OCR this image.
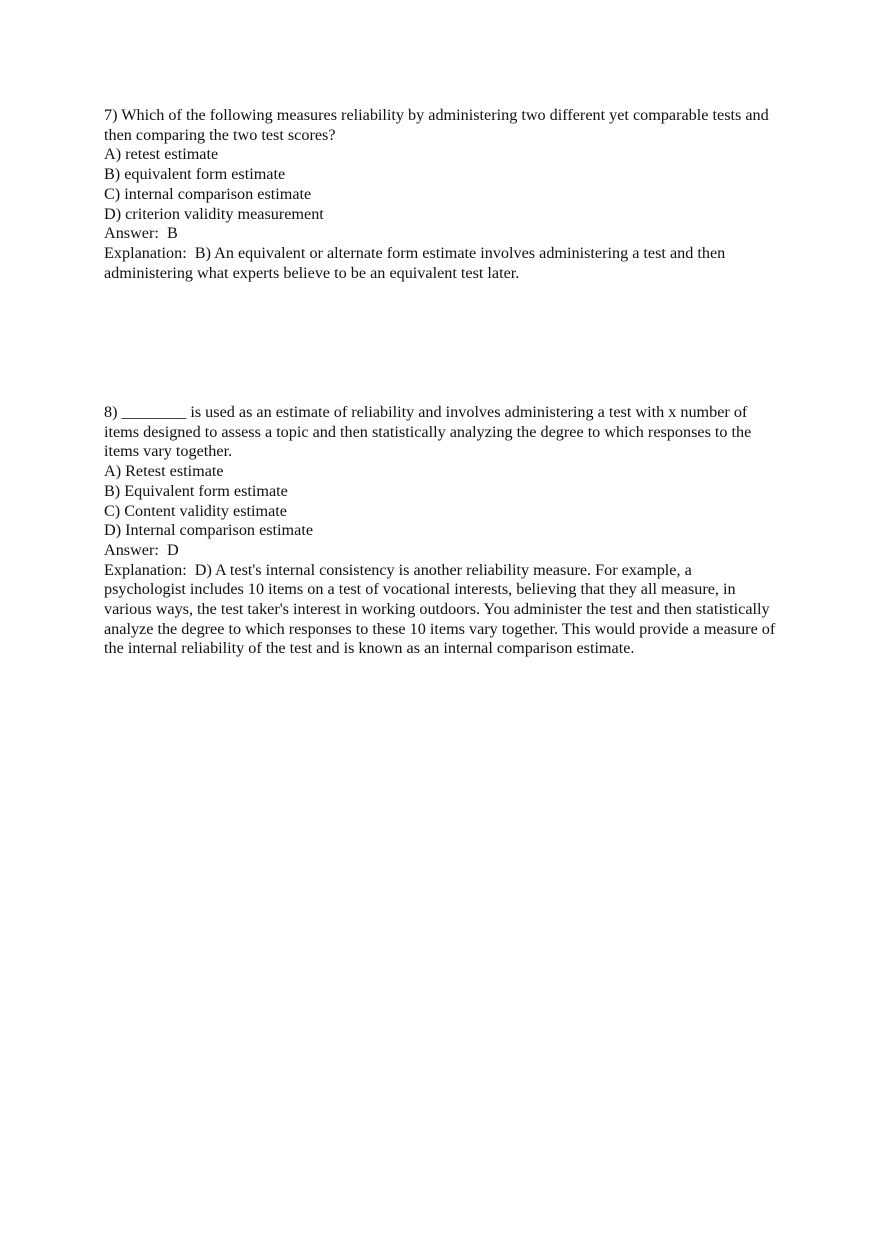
7) Which of the following measures reliability by administering two different yet comparable tests and then comparing the two test scores?
A) retest estimate
B) equivalent form estimate
C) internal comparison estimate
D) criterion validity measurement
Answer:  B
Explanation:  B) An equivalent or alternate form estimate involves administering a test and then administering what experts believe to be an equivalent test later.
8) ________ is used as an estimate of reliability and involves administering a test with x number of items designed to assess a topic and then statistically analyzing the degree to which responses to the items vary together.
A) Retest estimate
B) Equivalent form estimate
C) Content validity estimate
D) Internal comparison estimate
Answer:  D
Explanation:  D) A test's internal consistency is another reliability measure. For example, a psychologist includes 10 items on a test of vocational interests, believing that they all measure, in various ways, the test taker's interest in working outdoors. You administer the test and then statistically analyze the degree to which responses to these 10 items vary together. This would provide a measure of the internal reliability of the test and is known as an internal comparison estimate.
